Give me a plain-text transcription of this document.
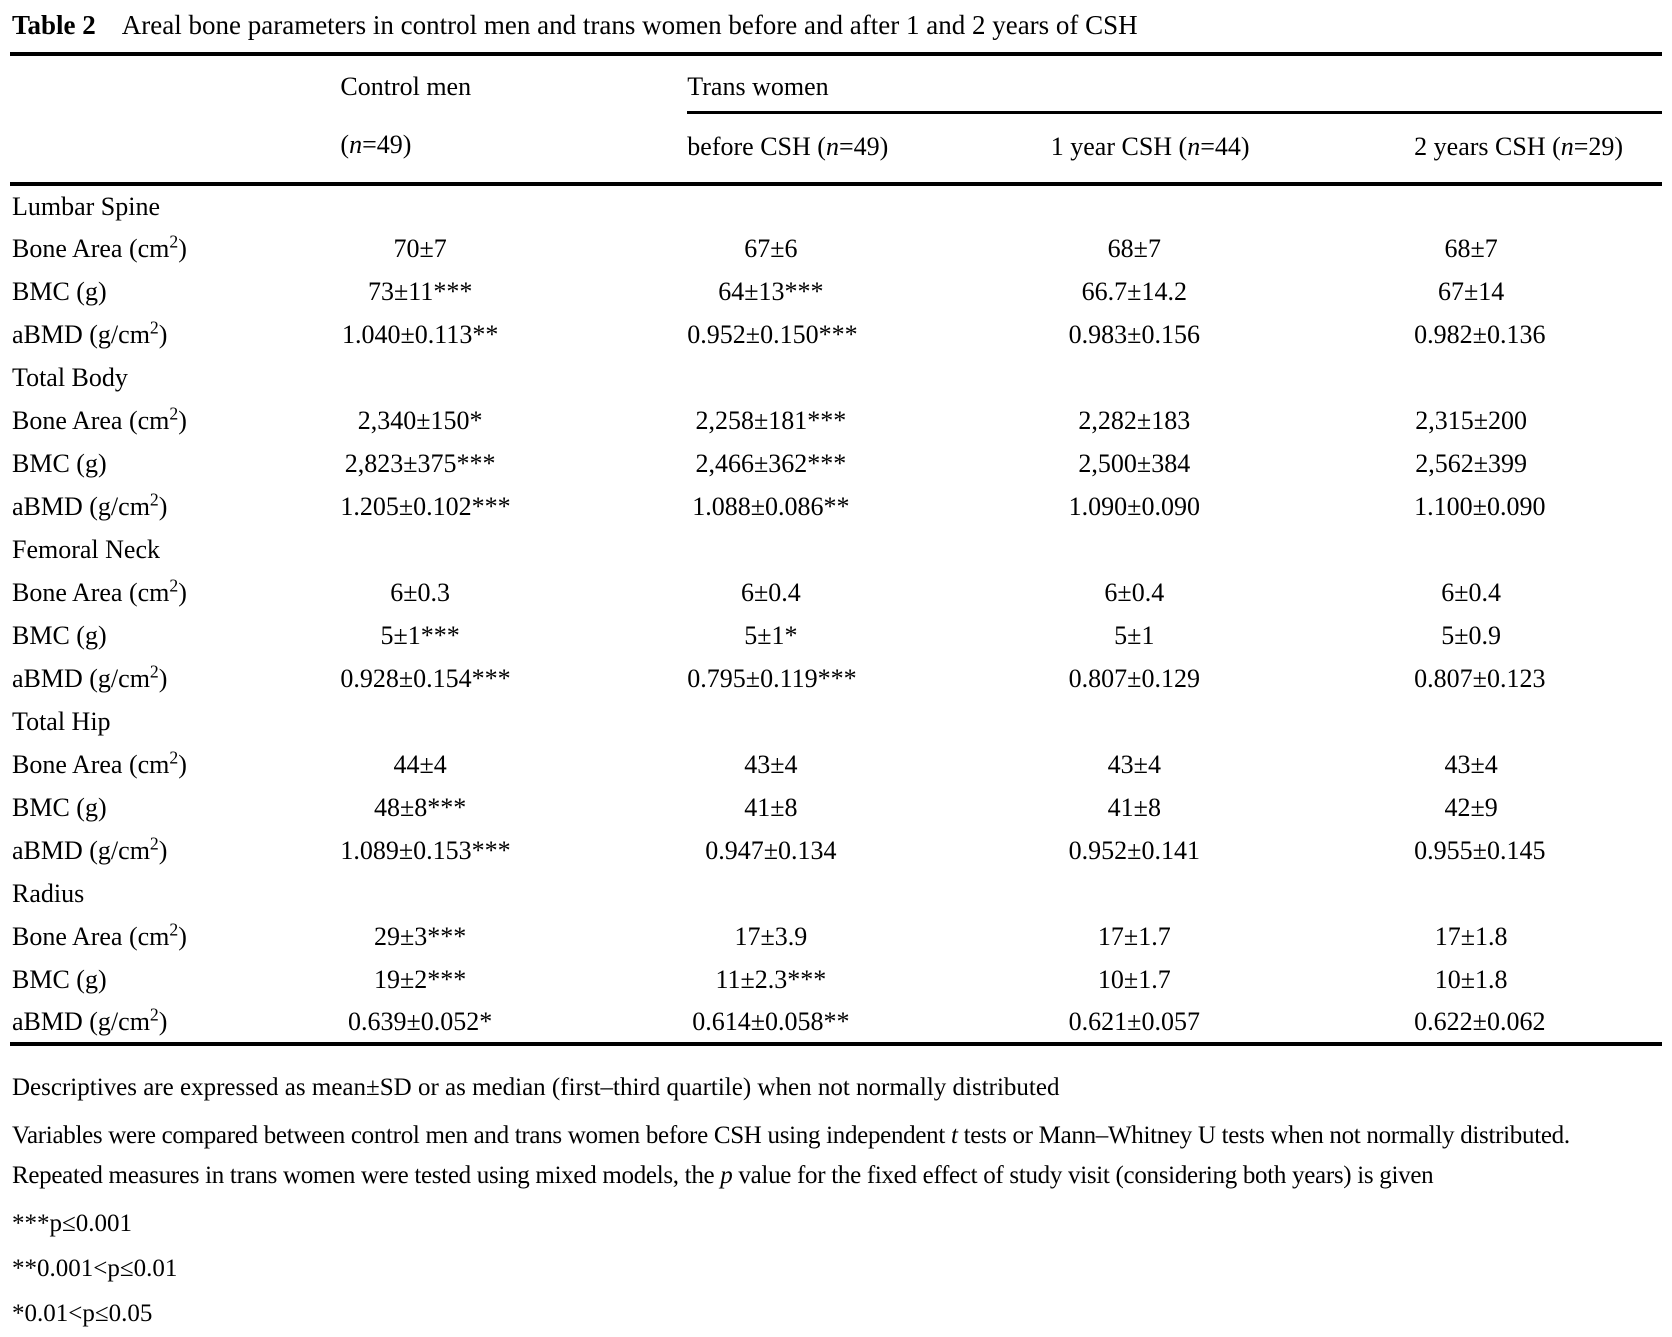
Table 2 Areal bone parameters in control men and trans women before and after 1 and 2 years of CSH
	Control men	Trans women		
	(n=49)	before CSH (n=49)	1 year CSH (n=44)	2 years CSH (n=29)
Lumbar Spine				
Bone Area $(cm^2)$	70±7	67±6	68±7	68±7

BMC (g)	73±11***	64±13***	66.7±14.2	67±14

aBMD $(g/cm^2)$	1.040±0.113**	0.952±0.150***	0.983±0.156	0.982±0.136

Total Body				
Bone Area $(cm^2)$	2,340±150*	2,258±181***	2,282±183	2,315±200

BMC (g)	2,823±375***	2,466±362***	2,500±384	2,562±399

aBMD $(g/cm^2)$	1.205±0.102***	1.088±0.086**	1.090±0.090	1.100±0.090

Femoral Neck				
Bone Area $(cm^2)$	6±0.3	6±0.4	6±0.4	6±0.4

BMC (g)	5±1***	5±1*	5±1	5±0.9

aBMD $(g/cm^2)$	0.928±0.154***	0.795±0.119***	0.807±0.129	0.807±0.123

Total Hip				
Bone Area $(cm^2)$	44±4	43±4	43±4	43±4

BMC (g)	48±8***	41±8	41±8	42±9

aBMD $(g/cm^2)$	1.089±0.153***	0.947±0.134	0.952±0.141	0.955±0.145

Radius				
Bone Area $(cm^2)$	29±3***	17±3.9	17±1.7	17±1.8

BMC (g)	19±2***	11±2.3***	10±1.7	10±1.8

aBMD $(g/cm^2)$	0.639±0.052*	0.614±0.058**	0.621±0.057	0.622±0.062

Descriptives are expressed as mean±SD or as median (first–third quartile) when not normally distributed

Variables were compared between control men and trans women before CSH using independent t tests or Mann–Whitney U tests when not normally distributed. Repeated measures in trans women were tested using mixed models, the p value for the fixed effect of study visit (considering both years) is given

***p≤0.001

**0.001<p≤0.01

*0.01<p≤0.05
